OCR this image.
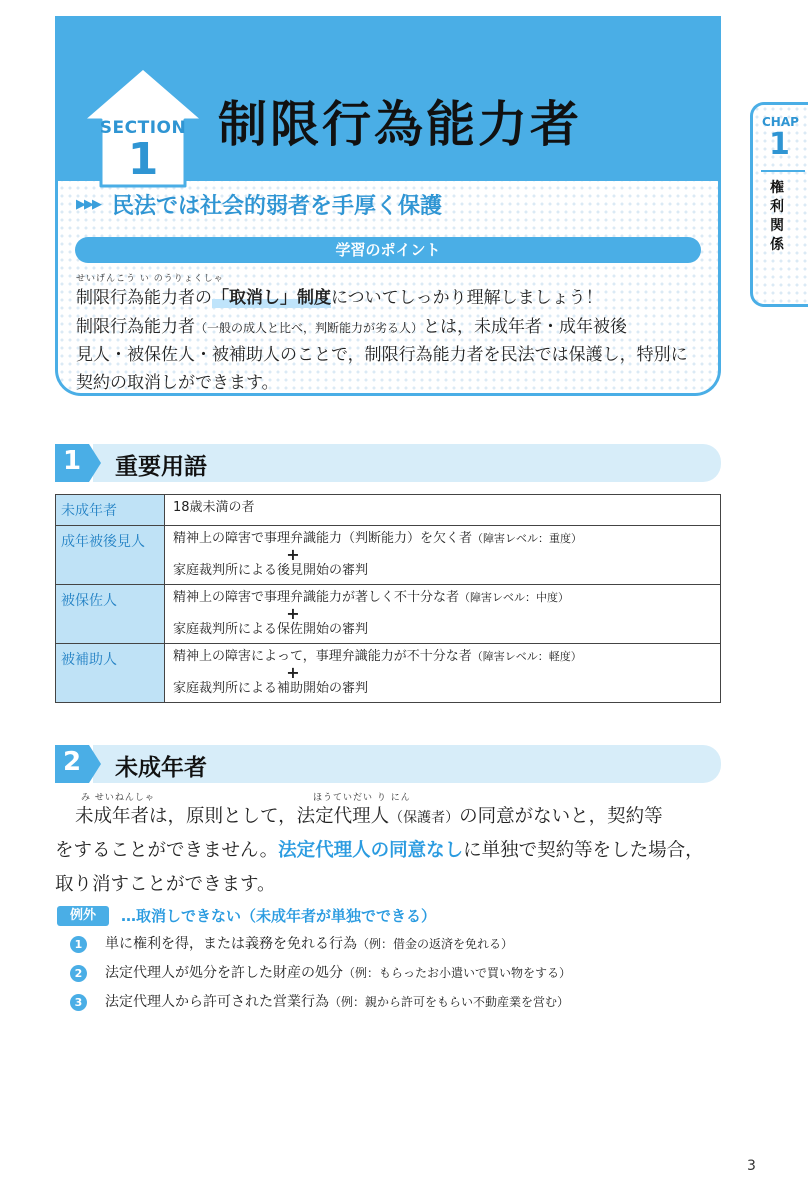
SECTION
1
制限行為能力者
▶▶▶ 民法では社会的弱者を手厚く保護
学習のポイント
せいげんこう い のうりょくしゃ
制限行為能力者の「取消し」制度についてしっかり理解しましょう！
制限行為能力者（一般の成人と比べ，判断能力が劣る人）とは，未成年者・成年被後
見人・被保佐人・被補助人のことで，制限行為能力者を民法では保護し，特別に
契約の取消しができます。
CHAP
1
権利関係
1 重要用語
未成年者	18歳未満の者
成年被後見人	精神上の障害で事理弁識能力（判断能力）を欠く者（障害レベル：重度）
+
家庭裁判所による後見開始の審判
被保佐人	精神上の障害で事理弁識能力が著しく不十分な者（障害レベル：中度）
+
家庭裁判所による保佐開始の審判
被補助人	精神上の障害によって，事理弁識能力が不十分な者（障害レベル：軽度）
+
家庭裁判所による補助開始の審判
2 未成年者
み せいねんしゃ	ほうていだい り にん
未成年者は，原則として，法定代理人（保護者）の同意がないと，契約等
をすることができません。法定代理人の同意なしに単独で契約等をした場合，
取り消すことができます。
例外	…取消しできない（未成年者が単独でできる）
1 単に権利を得，または義務を免れる行為（例：借金の返済を免れる）
2 法定代理人が処分を許した財産の処分（例：もらったお小遣いで買い物をする）
3 法定代理人から許可された営業行為（例：親から許可をもらい不動産業を営む）
3
